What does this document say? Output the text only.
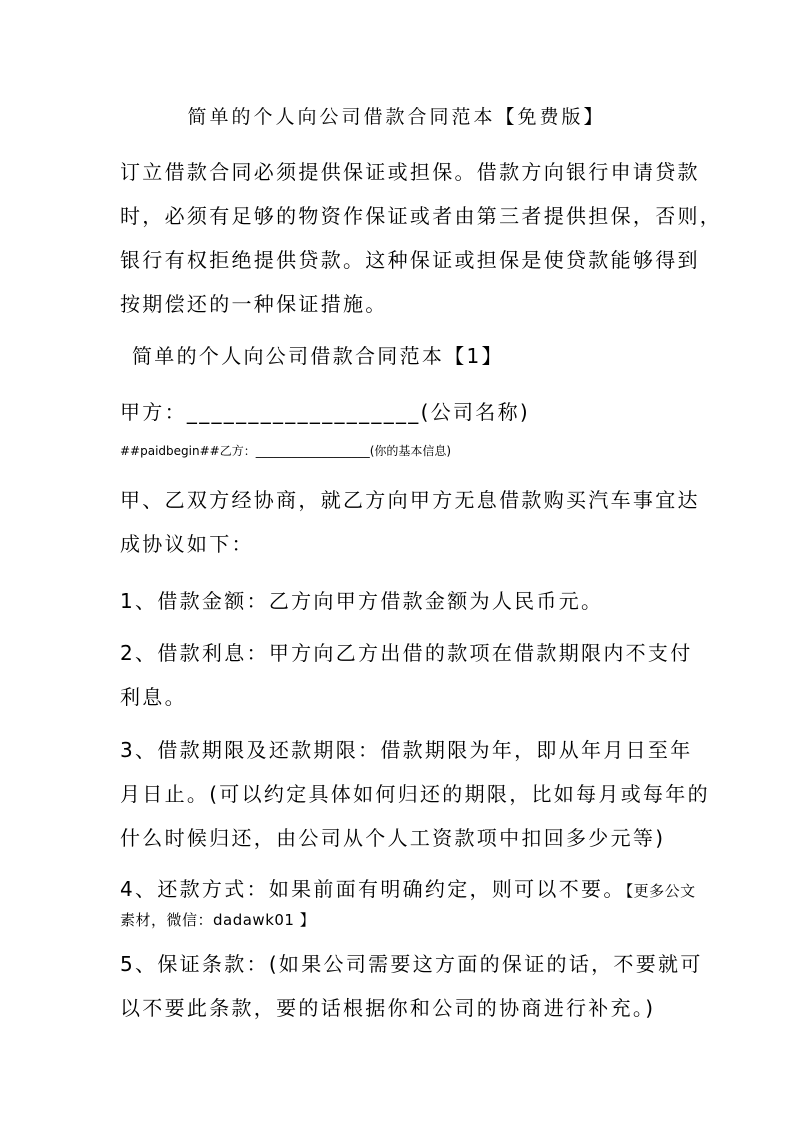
简单的个人向公司借款合同范本【免费版】
订立借款合同必须提供保证或担保。借款方向银行申请贷款
时，必须有足够的物资作保证或者由第三者提供担保，否则，
银行有权拒绝提供贷款。这种保证或担保是使贷款能够得到
按期偿还的一种保证措施。
简单的个人向公司借款合同范本【1】
甲方：___________________(公司名称)
##paidbegin##乙方：___________________(你的基本信息)
甲、乙双方经协商，就乙方向甲方无息借款购买汽车事宜达
成协议如下：
1、借款金额：乙方向甲方借款金额为人民币元。
2、借款利息：甲方向乙方出借的款项在借款期限内不支付
利息。
3、借款期限及还款期限：借款期限为年，即从年月日至年
月日止。(可以约定具体如何归还的期限，比如每月或每年的
什么时候归还，由公司从个人工资款项中扣回多少元等)
4、还款方式：如果前面有明确约定，则可以不要。【更多公文
素材，微信：dadawk01 】
5、保证条款：(如果公司需要这方面的保证的话，不要就可
以不要此条款，要的话根据你和公司的协商进行补充。)
